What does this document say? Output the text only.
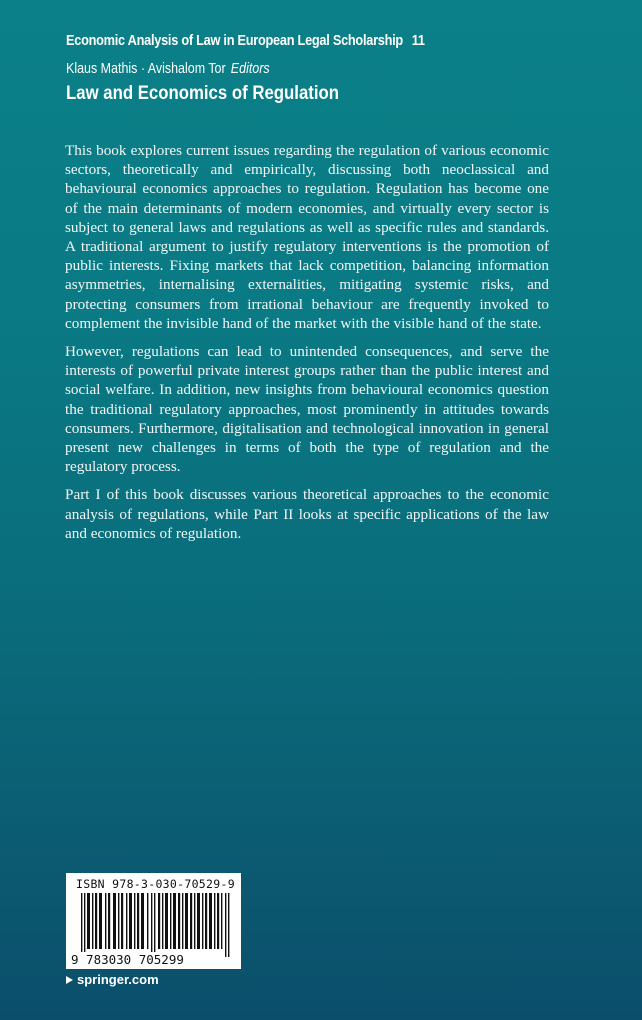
Economic Analysis of Law in European Legal Scholarship 11
Klaus Mathis · Avishalom Tor Editors
Law and Economics of Regulation

This book explores current issues regarding the regulation of various economic sectors, theoretically and empirically, discussing both neoclassical and behavioural economics approaches to regulation. Regulation has become one of the main determinants of modern economies, and virtually every sector is subject to general laws and regulations as well as specific rules and standards. A traditional argument to justify regulatory interventions is the promotion of public interests. Fixing markets that lack competition, balancing information asymmetries, internalising externalities, mitigating systemic risks, and protecting consumers from irrational behaviour are frequently invoked to complement the invisible hand of the market with the visible hand of the state.

However, regulations can lead to unintended consequences, and serve the interests of powerful private interest groups rather than the public interest and social welfare. In addition, new insights from behavioural economics question the traditional regulatory approaches, most prominently in attitudes towards consumers. Furthermore, digitalisation and technological innovation in general present new challenges in terms of both the type of regulation and the regulatory process.

Part I of this book discusses various theoretical approaches to the economic analysis of regulations, while Part II looks at specific applications of the law and economics of regulation.

ISBN 978-3-030-70529-9
9 783030 705299
springer.com
